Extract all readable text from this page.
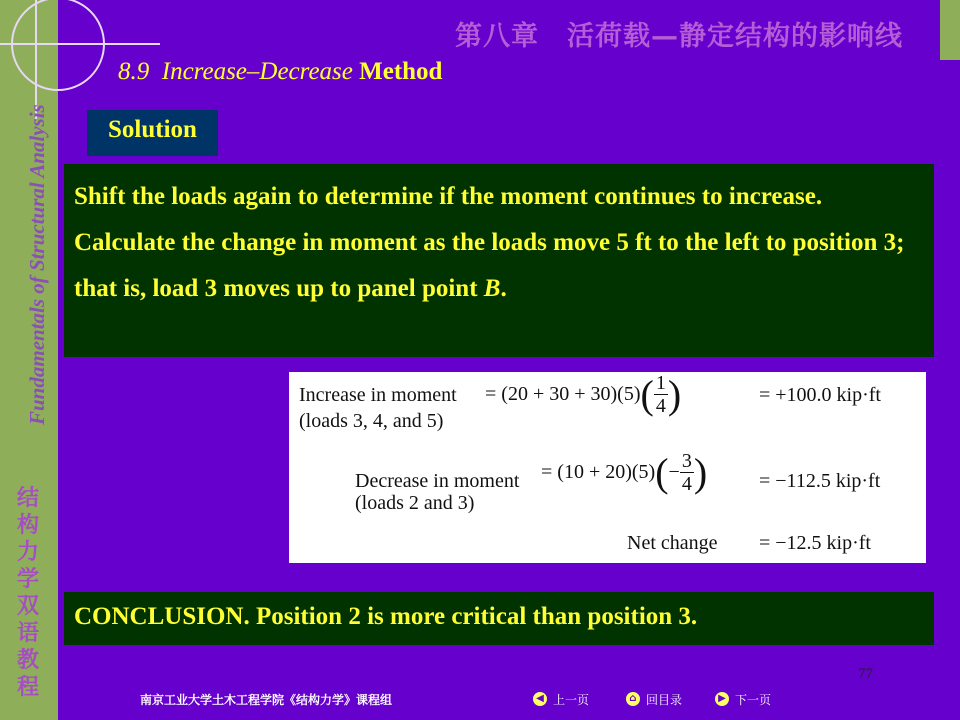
Fundamentals of Structural Analysis
结
构
力
学
双
语
教
程
第八章　活荷载—静定结构的影响线
8.9 Increase–Decrease Method
Solution
Shift the loads again to determine if the moment continues to increase. Calculate the change in moment as the loads move 5 ft to the left to position 3; that is, load 3 moves up to panel point B.
Increase in moment
(loads 3, 4, and 5)
= (20 + 30 + 30)(5) ( $\frac{1}{4}$ )	= +100.0 kip·ft
Decrease in moment
(loads 2 and 3)
= (10 + 20)(5) ( − $\frac{3}{4}$ )	= −112.5 kip·ft
Net change = −12.5 kip·ft
CONCLUSION. Position 2 is more critical than position 3.
77
南京工业大学土木工程学院《结构力学》课程组	◀ 上一页	⌂ 回目录	▶ 下一页
